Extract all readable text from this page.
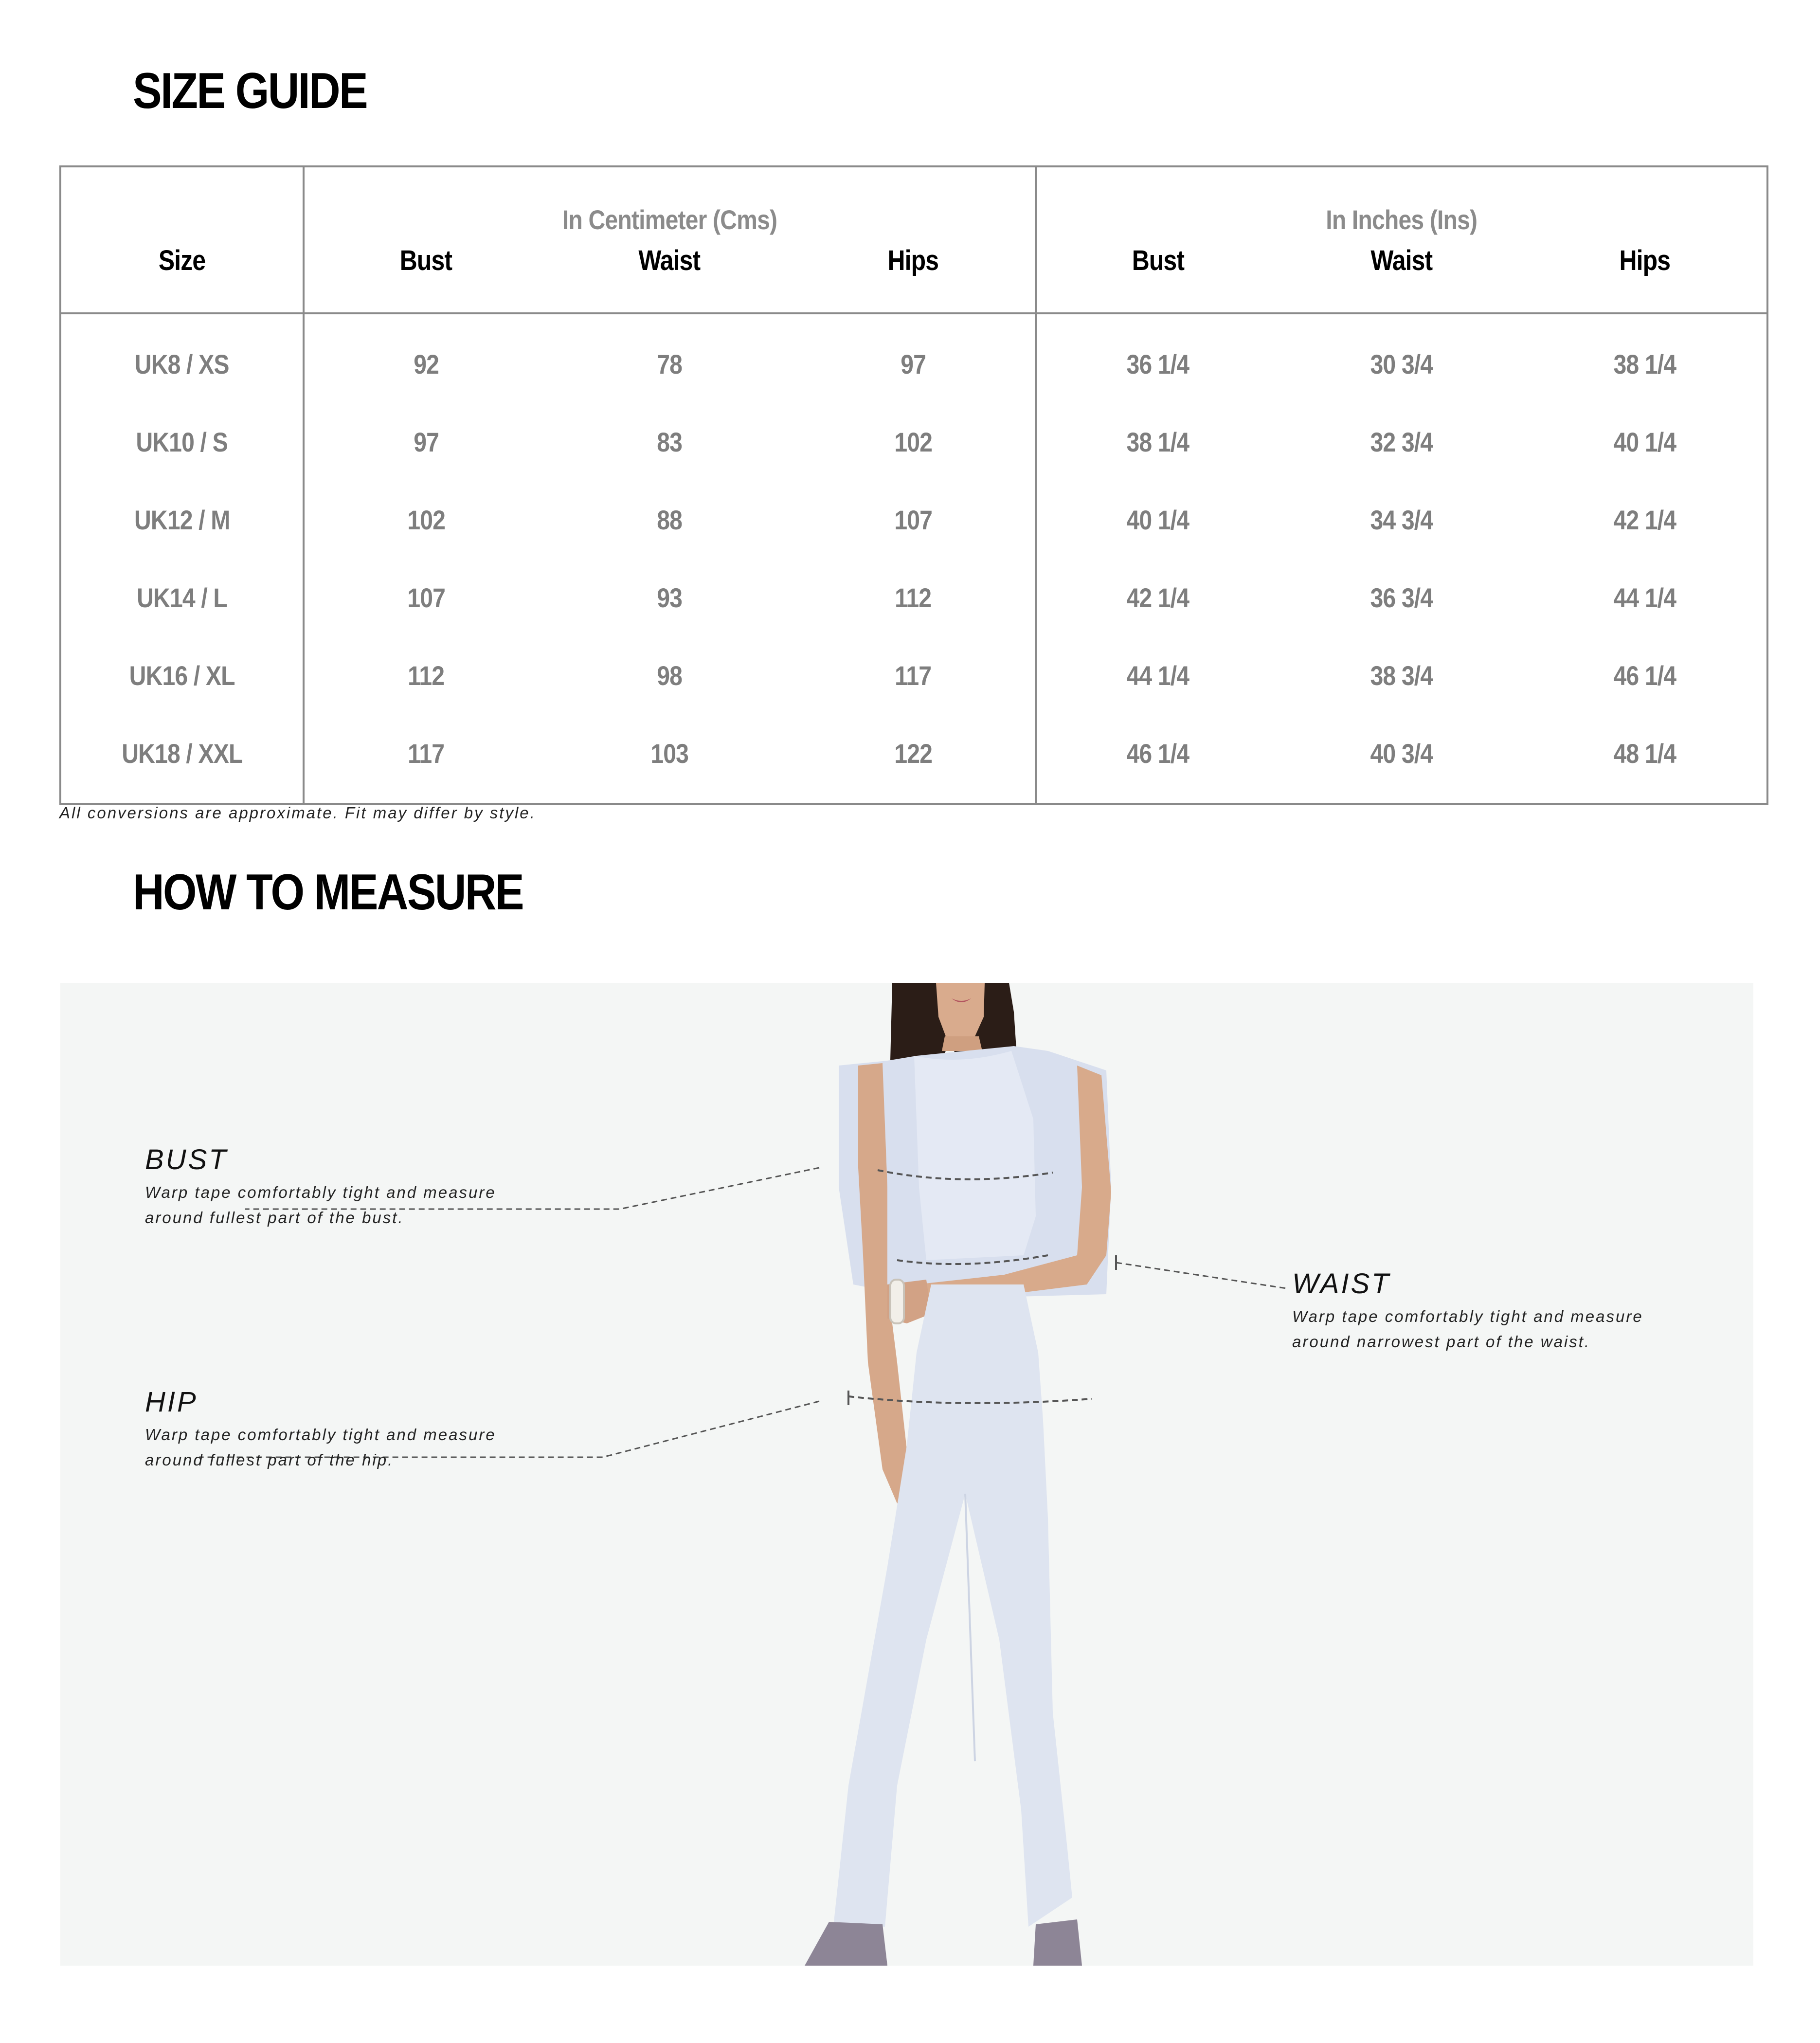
SIZE GUIDE
	In Centimeter (Cms)			In Inches (Ins)		
Size	Bust	Waist	Hips	Bust	Waist	Hips
UK8 / XS	92	78	97	36 1/4	30 3/4	38 1/4
UK10 / S	97	83	102	38 1/4	32 3/4	40 1/4
UK12 / M	102	88	107	40 1/4	34 3/4	42 1/4
UK14 / L	107	93	112	42 1/4	36 3/4	44 1/4
UK16 / XL	112	98	117	44 1/4	38 3/4	46 1/4
UK18 / XXL	117	103	122	46 1/4	40 3/4	48 1/4

All conversions are approximate. Fit may differ by style.

HOW TO MEASURE
BUST

Warp tape comfortably tight and measure
around fullest part of the bust.

WAIST

Warp tape comfortably tight and measure
around narrowest part of the waist.

HIP

Warp tape comfortably tight and measure
around fullest part of the hip.
